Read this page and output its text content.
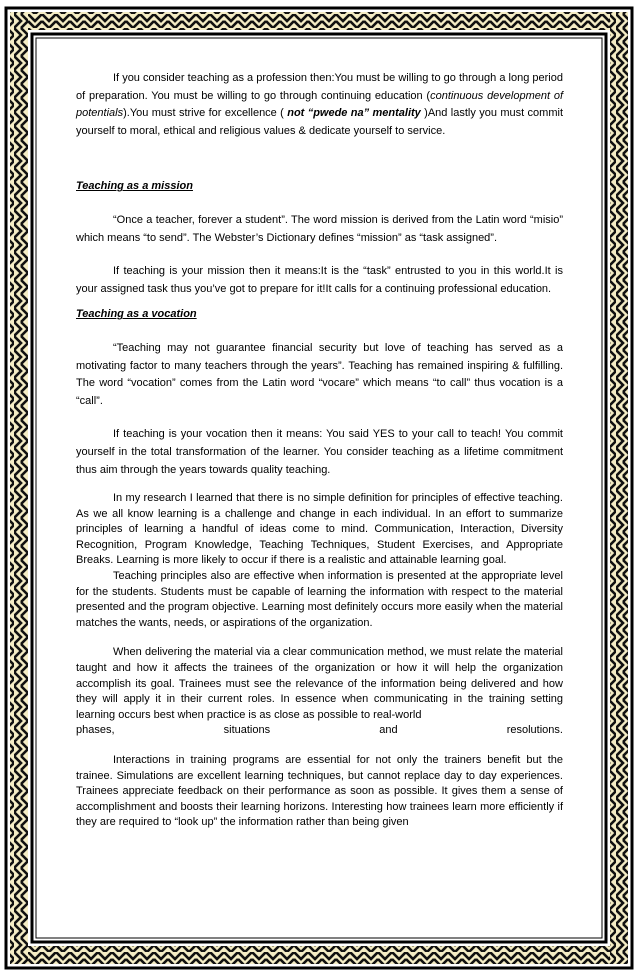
If you consider teaching as a profession then:You must be willing to go through a long period of preparation. You must be willing to go through continuing education (continuous development of potentials).You must strive for excellence ( not “pwede na” mentality )And lastly you must commit yourself to moral, ethical and religious values & dedicate yourself to service.

Teaching as a mission

“Once a teacher, forever a student”. The word mission is derived from the Latin word “misio” which means “to send”. The Webster’s Dictionary defines “mission” as “task assigned”.

If teaching is your mission then it means:It is the “task” entrusted to you in this world.It is your assigned task thus you’ve got to prepare for it!It calls for a continuing professional education.

Teaching as a vocation

“Teaching may not guarantee financial security but love of teaching has served as a motivating factor to many teachers through the years”. Teaching has remained inspiring & fulfilling. The word “vocation” comes from the Latin word “vocare” which means “to call” thus vocation is a “call”.

If teaching is your vocation then it means: You said YES to your call to teach! You commit yourself in the total transformation of the learner. You consider teaching as a lifetime commitment thus aim through the years towards quality teaching.

In my research I learned that there is no simple definition for principles of effective teaching. As we all know learning is a challenge and change in each individual. In an effort to summarize principles of learning a handful of ideas come to mind. Communication, Interaction, Diversity Recognition, Program Knowledge, Teaching Techniques, Student Exercises, and Appropriate Breaks. Learning is more likely to occur if there is a realistic and attainable learning goal.

Teaching principles also are effective when information is presented at the appropriate level for the students. Students must be capable of learning the information with respect to the material presented and the program objective. Learning most definitely occurs more easily when the material matches the wants, needs, or aspirations of the organization.

When delivering the material via a clear communication method, we must relate the material taught and how it affects the trainees of the organization or how it will help the organization accomplish its goal. Trainees must see the relevance of the information being delivered and how they will apply it in their current roles. In essence when communicating in the training setting learning occurs best when practice is as close as possible to real-world
phases,	situations	and	resolutions.

Interactions in training programs are essential for not only the trainers benefit but the trainee. Simulations are excellent learning techniques, but cannot replace day to day experiences. Trainees appreciate feedback on their performance as soon as possible. It gives them a sense of accomplishment and boosts their learning horizons. Interesting how trainees learn more efficiently if they are required to “look up” the information rather than being given
